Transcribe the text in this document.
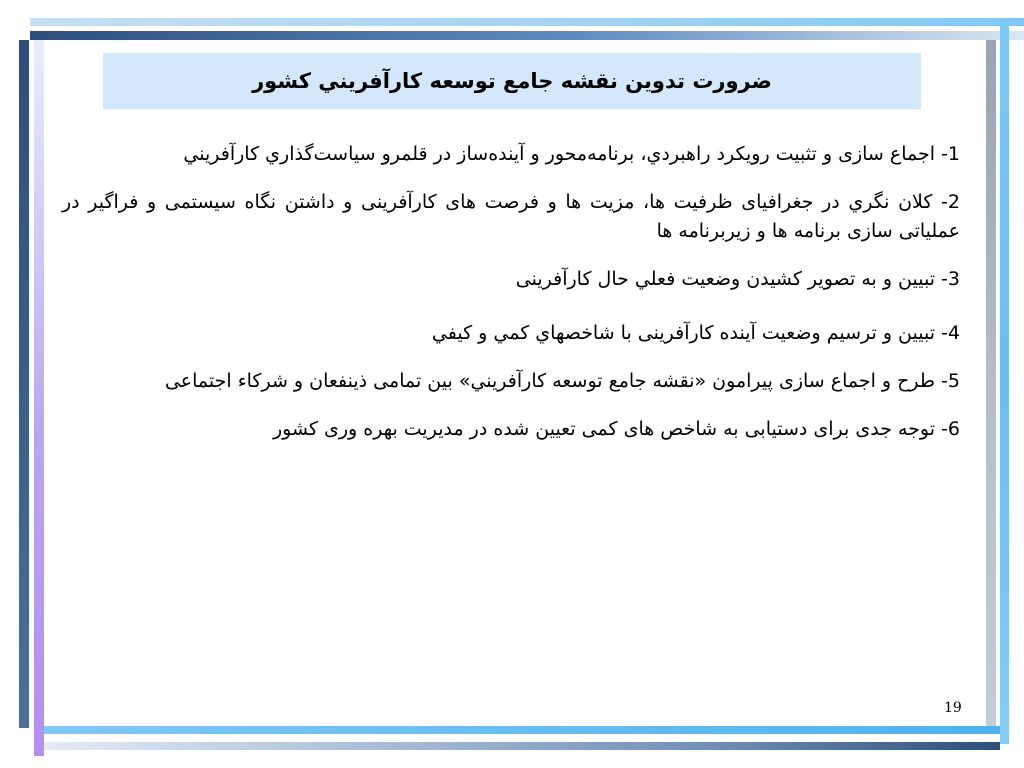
ضرورت تدوين نقشه جامع توسعه كارآفريني كشور

1- اجماع سازی و تثبیت رویکرد راهبردي، برنامه‌محور و آینده‌ساز در قلمرو سیاست‌گذاري كارآفريني

2- كلان نگري در جغرافیای ظرفیت ها، مزیت ها و فرصت های کارآفرینی و داشتن نگاه سیستمی و فراگیر در عملیاتی سازی برنامه ها و زیربرنامه ها

3- تبیین و به تصویر کشیدن وضعیت فعلي حال کارآفرینی

4- تبیین و ترسیم وضعیت آینده کارآفرینی با شاخصهاي كمي و كيفي

5- طرح و اجماع سازی پیرامون «نقشه جامع توسعه كارآفريني» بین تمامی ذینفعان و شرکاء اجتماعی

6- توجه جدی برای دستیابی به شاخص های کمی تعیین شده در مدیریت بهره وری کشور

19
